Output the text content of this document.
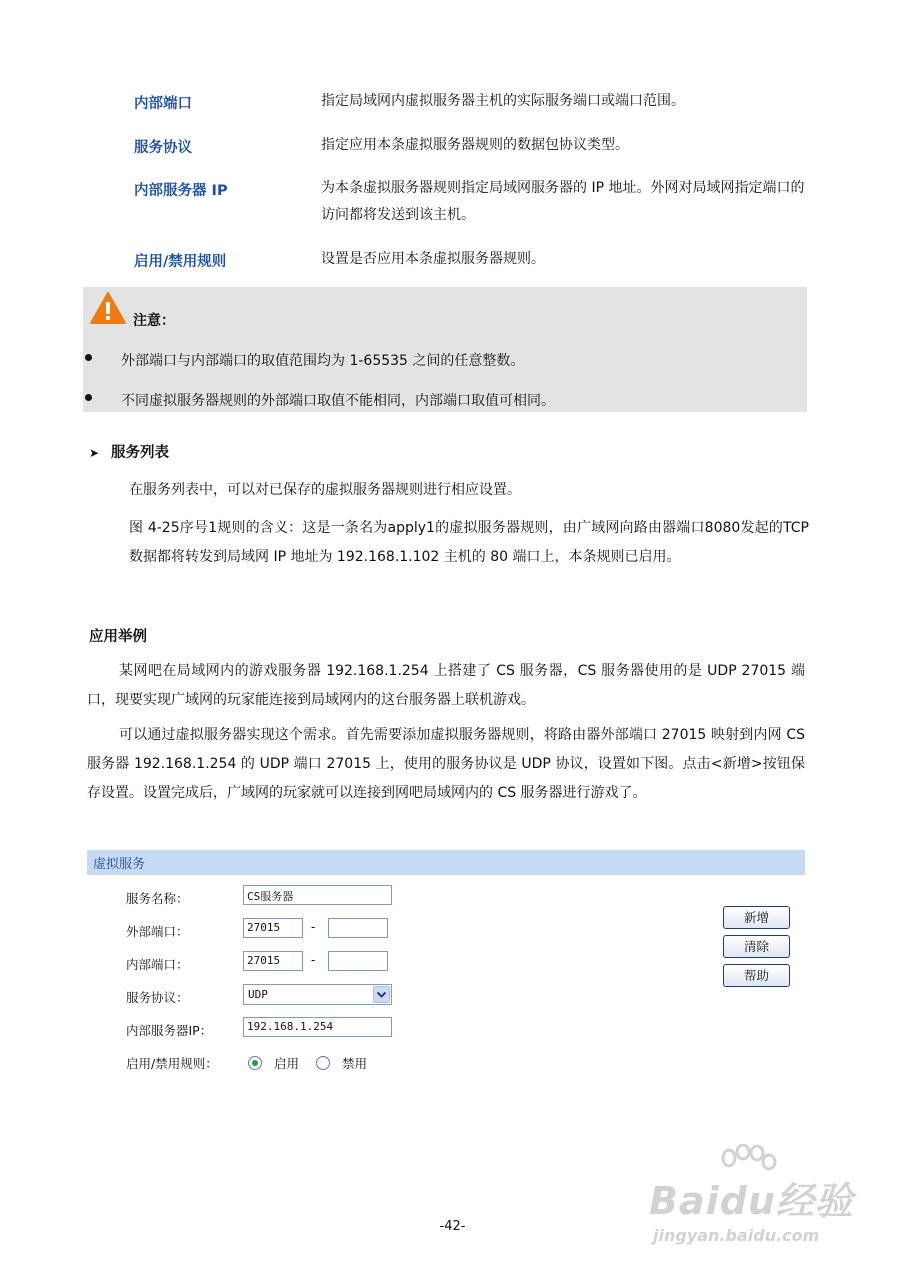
内部端口	指定局域网内虚拟服务器主机的实际服务端口或端口范围。
服务协议	指定应用本条虚拟服务器规则的数据包协议类型。
内部服务器 IP	为本条虚拟服务器规则指定局域网服务器的 IP 地址。外网对局域网指定端口的访问都将发送到该主机。
启用/禁用规则	设置是否应用本条虚拟服务器规则。
注意：
外部端口与内部端口的取值范围均为 1-65535 之间的任意整数。
不同虚拟服务器规则的外部端口取值不能相同，内部端口取值可相同。
➤ 服务列表
在服务列表中，可以对已保存的虚拟服务器规则进行相应设置。
图 4-25序号1规则的含义：这是一条名为apply1的虚拟服务器规则，由广域网向路由器端口8080发起的TCP 数据都将转发到局域网 IP 地址为 192.168.1.102 主机的 80 端口上，本条规则已启用。
应用举例
某网吧在局域网内的游戏服务器 192.168.1.254 上搭建了 CS 服务器，CS 服务器使用的是 UDP 27015 端口，现要实现广域网的玩家能连接到局域网内的这台服务器上联机游戏。
可以通过虚拟服务器实现这个需求。首先需要添加虚拟服务器规则，将路由器外部端口 27015 映射到内网 CS 服务器 192.168.1.254 的 UDP 端口 27015 上，使用的服务协议是 UDP 协议，设置如下图。点击<新增>按钮保存设置。设置完成后，广域网的玩家就可以连接到网吧局域网内的 CS 服务器进行游戏了。
虚拟服务
服务名称：	CS服务器
外部端口：	27015	-
内部端口：	27015	-
服务协议：	UDP
内部服务器IP：	192.168.1.254
启用/禁用规则：	启用	禁用
新增
清除
帮助
-42-
Baidu经验
jingyan.baidu.com
